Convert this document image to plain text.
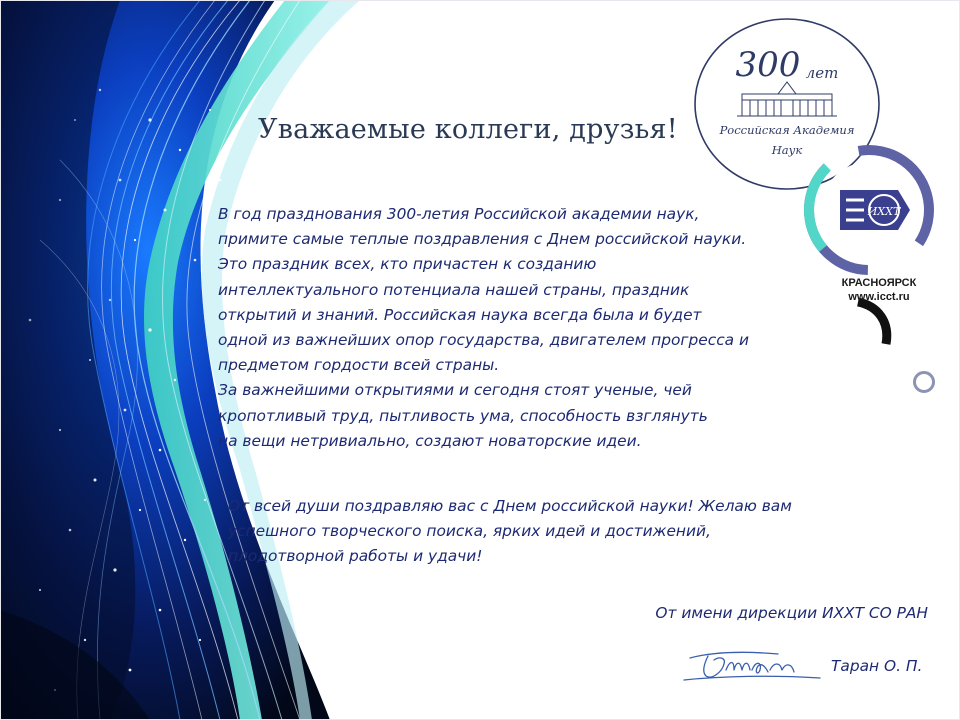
300 лет
Российская Академия
Наук
ИХХТ
КРАСНОЯРСК
www.icct.ru
Уважаемые коллеги, друзья!
В год празднования 300-летия Российской академии наук,
примите самые теплые поздравления с Днем российской науки.
Это праздник всех, кто причастен к созданию
интеллектуального потенциала нашей страны, праздник
открытий и знаний. Российская наука всегда была и будет
одной из важнейших опор государства, двигателем прогресса и
предметом гордости всей страны.
За важнейшими открытиями и сегодня стоят ученые, чей
кропотливый труд, пытливость ума, способность взглянуть
на вещи нетривиально, создают новаторские идеи.
От всей души поздравляю вас с Днем российской науки! Желаю вам
успешного творческого поиска, ярких идей и достижений,
плодотворной работы и удачи!
От имени дирекции ИХХТ СО РАН
Таран О. П.
